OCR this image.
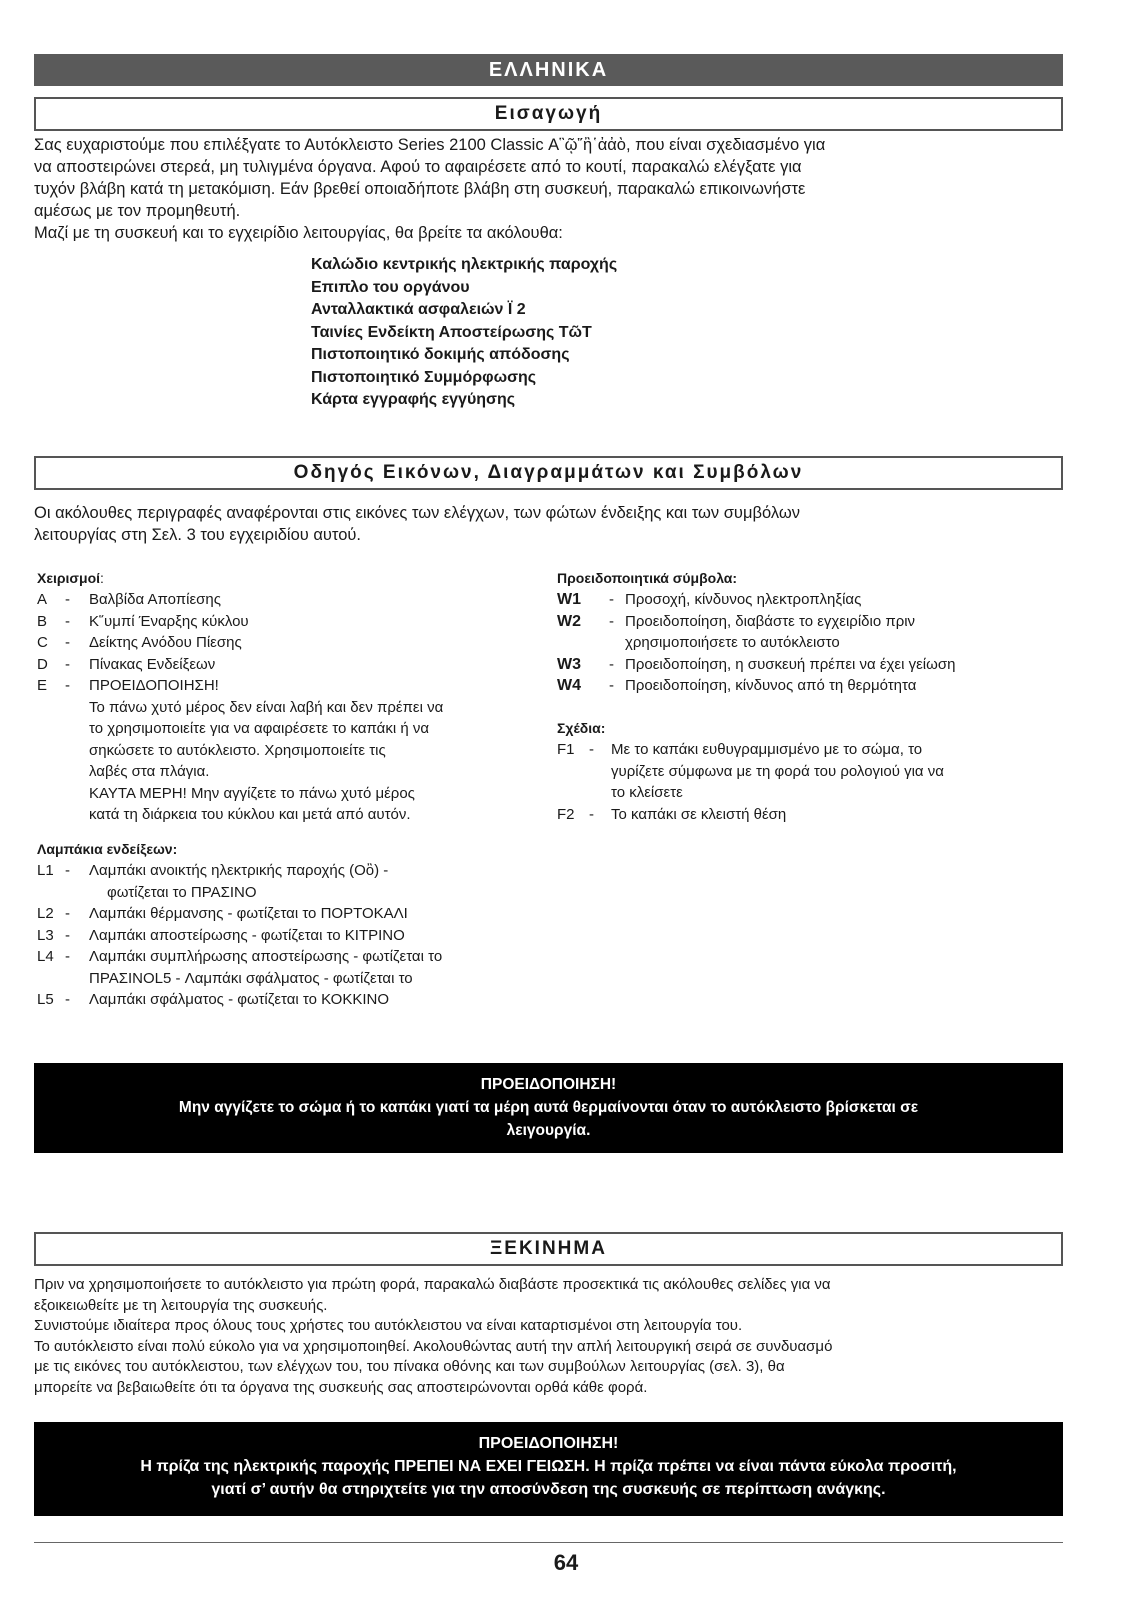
ΕΛΛΗΝΙΚΑ
Εισαγωγή

Σας ευχαριστούμε που επιλέξγατε το Αυτόκλειστο Series 2100 Classic Α῝ῷ῞ἢ῾ἀἀὸ, που είναι σχεδιασμένο για

να αποστειρώνει στερεά, μη τυλιγμένα όργανα. Αφού το αφαιρέσετε από το κουτί, παρακαλώ ελέγξατε για

τυχόν βλάβη κατά τη μετακόμιση. Εάν βρεθεί οποιαδήποτε βλάβη στη συσκευή, παρακαλώ επικοινωνήστε

αμέσως με τον προμηθευτή.

Μαζί με τη συσκευή και το εγχειρίδιο λειτουργίας, θα βρείτε τα ακόλουθα:

Καλώδιο κεντρικής ηλεκτρικής παροχής
Επιπλο του οργάνου
Ανταλλακτικά ασφαλειών Ϊ 2
Ταινίες Ενδείκτη Αποστείρωσης ΤῶΤ
Πιστοποιητικό δοκιμής απόδοσης
Πιστοποιητικό Συμμόρφωσης
Κάρτα εγγραφής εγγύησης
Οδηγός Εικόνων, Διαγραμμάτων και Συμβόλων

Οι ακόλουθες περιγραφές αναφέρονται στις εικόνες των ελέγχων, των φώτων ένδειξης και των συμβόλων

λειτουργίας στη Σελ. 3 του εγχειριδίου αυτού.

Χειρισμοί:

A	-	Βαλβίδα Αποπίεσης
B	-	Κ῞υμπί Έναρξης κύκλου
C	-	Δείκτης Ανόδου Πίεσης
D	-	Πίνακας Ενδείξεων
E	-	ΠΡΟΕΙΔΟΠΟΙΗΣΗ!
Το πάνω χυτό μέρος δεν είναι λαβή και δεν πρέπει να
το χρησιμοποιείτε για να αφαιρέσετε το καπάκι ή να
σηκώσετε το αυτόκλειστο. Χρησιμοποιείτε τις
λαβές στα πλάγια.
ΚΑΥΤΑ ΜΕΡΗ! Μην αγγίζετε το πάνω χυτό μέρος
κατά τη διάρκεια του κύκλου και μετά από αυτόν.

Λαμπάκια ενδείξεων:

L1 -	Λαμπάκι ανοικτής ηλεκτρικής παροχής (Οὂ) -
φωτίζεται το ΠΡΑΣΙΝΟ
L2 -	Λαμπάκι θέρμανσης - φωτίζεται το ΠΟΡΤΟΚΑΛΙ
L3 -	Λαμπάκι αποστείρωσης - φωτίζεται το ΚΙΤΡΙΝΟ
L4 -	Λαμπάκι συμπλήρωσης αποστείρωσης - φωτίζεται το
ΠΡΑΣΙΝΟL5 - Λαμπάκι σφάλματος - φωτίζεται το
L5 -	Λαμπάκι σφάλματος - φωτίζεται το ΚΟΚΚΙΝΟ

Προειδοποιητικά σύμβολα:

W1	- Προσοχή, κίνδυνος ηλεκτροπληξίας
W2	- Προειδοποίηση, διαβάστε το εγχειρίδιο πριν
χρησιμοποιήσετε το αυτόκλειστο
W3	- Προειδοποίηση, η συσκευή πρέπει να έχει γείωση
W4	- Προειδοποίηση, κίνδυνος από τη θερμότητα

Σχέδια:

F1 -	Με το καπάκι ευθυγραμμισμένο με το σώμα, το
γυρίζετε σύμφωνα με τη φορά του ρολογιού για να
το κλείσετε
F2 -	Το καπάκι σε κλειστή θέση

ΠΡΟΕΙΔΟΠΟΙΗΣΗ!

Μην αγγίζετε το σώμα ή το καπάκι γιατί τα μέρη αυτά θερμαίνονται όταν το αυτόκλειστο βρίσκεται σε

λειγουργία.

ΞΕΚΙΝΗΜΑ

Πριν να χρησιμοποιήσετε το αυτόκλειστο για πρώτη φορά, παρακαλώ διαβάστε προσεκτικά τις ακόλουθες σελίδες για να

εξοικειωθείτε με τη λειτουργία της συσκευής.

Συνιστούμε ιδιαίτερα προς όλους τους χρήστες του αυτόκλειστου να είναι καταρτισμένοι στη λειτουργία του.

Το αυτόκλειστο είναι πολύ εύκολο για να χρησιμοποιηθεί. Ακολουθώντας αυτή την απλή λειτουργική σειρά σε συνδυασμό

με τις εικόνες του αυτόκλειστου, των ελέγχων του, του πίνακα οθόνης και των συμβούλων λειτουργίας (σελ. 3), θα

μπορείτε να βεβαιωθείτε ότι τα όργανα της συσκευής σας αποστειρώνονται ορθά κάθε φορά.

ΠΡΟΕΙΔΟΠΟΙΗΣΗ!

Η πρίζα της ηλεκτρικής παροχής ΠΡΕΠΕΙ ΝΑ ΕΧΕΙ ΓΕΙΩΣΗ. Η πρίζα πρέπει να είναι πάντα εύκολα προσιτή,

γιατί σ’ αυτήν θα στηριχτείτε για την αποσύνδεση της συσκευής σε περίπτωση ανάγκης.

64
